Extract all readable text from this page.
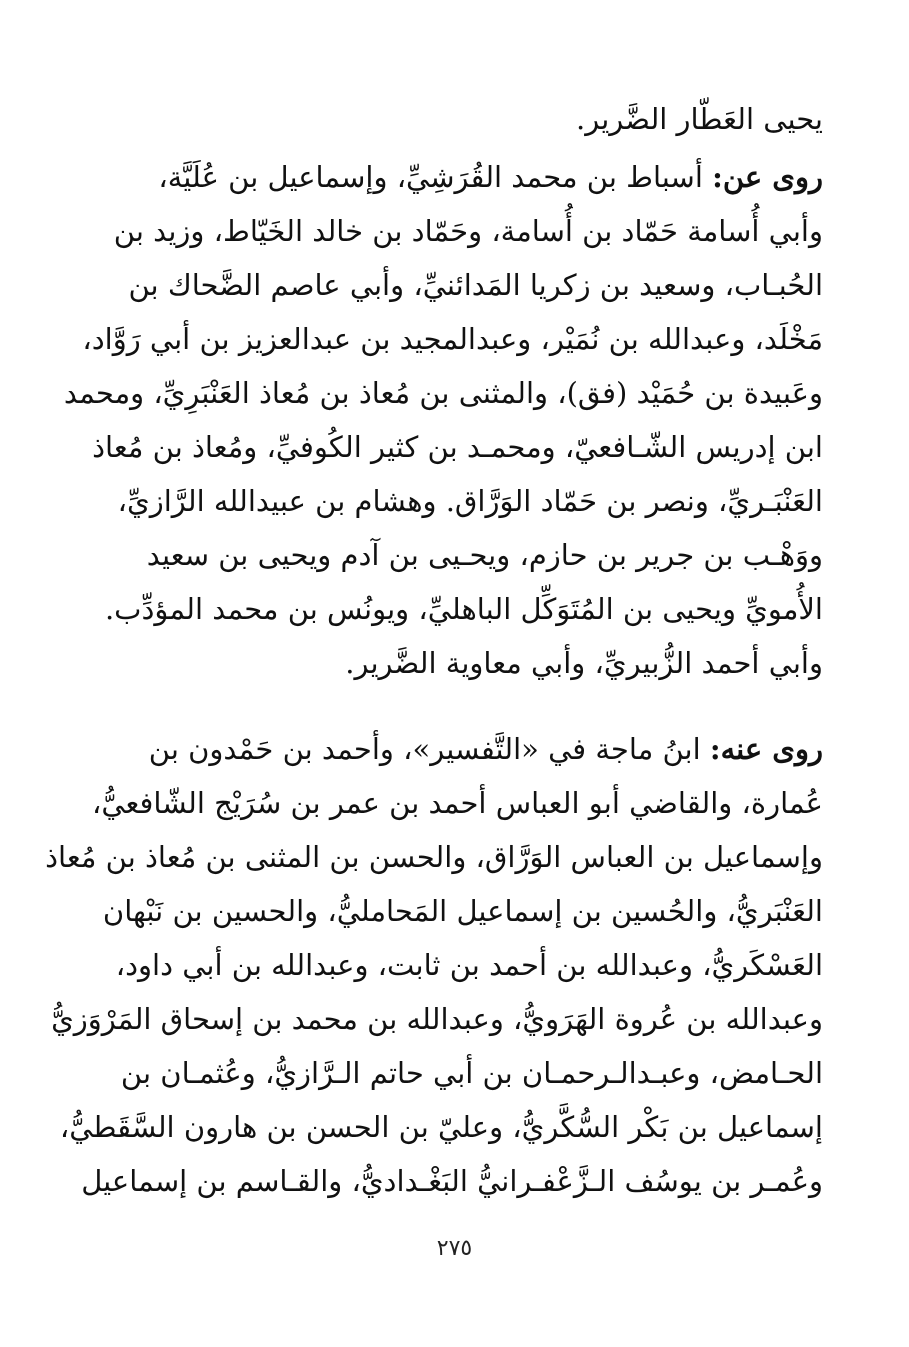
يحيى العَطّار الضَّرير.
روى عن: أسباط بن محمد القُرَشِيِّ، وإسماعيل بن عُلَيَّة،
وأبي أُسامة حَمّاد بن أُسامة، وحَمّاد بن خالد الخَيّاط، وزيد بن
الحُبـاب، وسعيد بن زكريا المَدائنيِّ، وأبي عاصم الضَّحاك بن
مَخْلَد، وعبدالله بن نُمَيْر، وعبدالمجيد بن عبدالعزيز بن أبي رَوَّاد،
وعَبيدة بن حُمَيْد (فق)، والمثنى بن مُعاذ بن مُعاذ العَنْبَرِيِّ، ومحمد
ابن إدريس الشّـافعيّ، ومحمـد بن كثير الكُوفيِّ، ومُعاذ بن مُعاذ
العَنْبَـريِّ، ونصر بن حَمّاد الوَرَّاق. وهشام بن عبيدالله الرَّازيِّ،
ووَهْـب بن جرير بن حازم، ويحـيى بن آدم ويحيى بن سعيد
الأُمويِّ ويحيى بن المُتَوَكِّل الباهليِّ، ويونُس بن محمد المؤدِّب.
وأبي أحمد الزُّبيريِّ، وأبي معاوية الضَّرير.
روى عنه: ابنُ ماجة في «التَّفسير»، وأحمد بن حَمْدون بن
عُمارة، والقاضي أبو العباس أحمد بن عمر بن سُرَيْج الشّافعيُّ،
وإسماعيل بن العباس الوَرَّاق، والحسن بن المثنى بن مُعاذ بن مُعاذ
العَنْبَريُّ، والحُسين بن إسماعيل المَحامليُّ، والحسين بن نَبْهان
العَسْكَريُّ، وعبدالله بن أحمد بن ثابت، وعبدالله بن أبي داود،
وعبدالله بن عُروة الهَرَويُّ، وعبدالله بن محمد بن إسحاق المَرْوَزيُّ
الحـامض، وعبـدالـرحمـان بن أبي حاتم الـرَّازيُّ، وعُثمـان بن
إسماعيل بن بَكْر السُّكَّريُّ، وعليّ بن الحسن بن هارون السَّقَطيُّ،
وعُمـر بن يوسُف الـزَّعْفـرانيُّ البَغْـداديُّ، والقـاسم بن إسماعيل
٢٧٥
